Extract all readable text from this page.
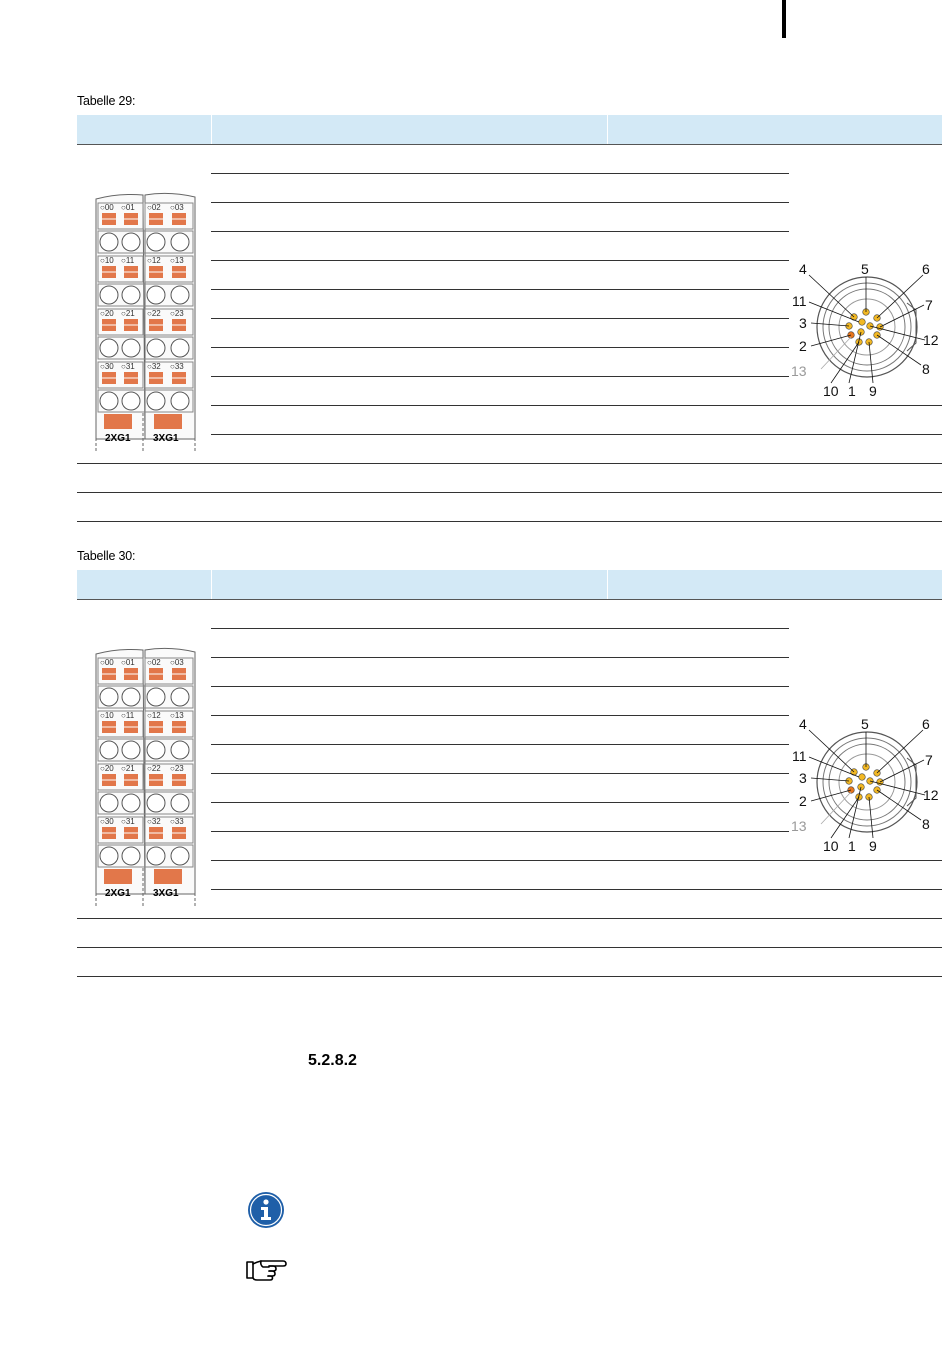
Tabelle 29:
○00 ○01 ○02 ○03
○10 ○11 ○12 ○13
○20 ○21 ○22 ○23
○30 ○31 ○32 ○33
2XG1 3XG1
4	5	6
11	7
3
12
2
8
13
10 1 9
Tabelle 30:
○00 ○01 ○02 ○03
○10 ○11 ○12 ○13
○20 ○21 ○22 ○23
○30 ○31 ○32 ○33
2XG1 3XG1
4	5	6
11	7
3
12
2
8
13
10 1 9
5.2.8.2
